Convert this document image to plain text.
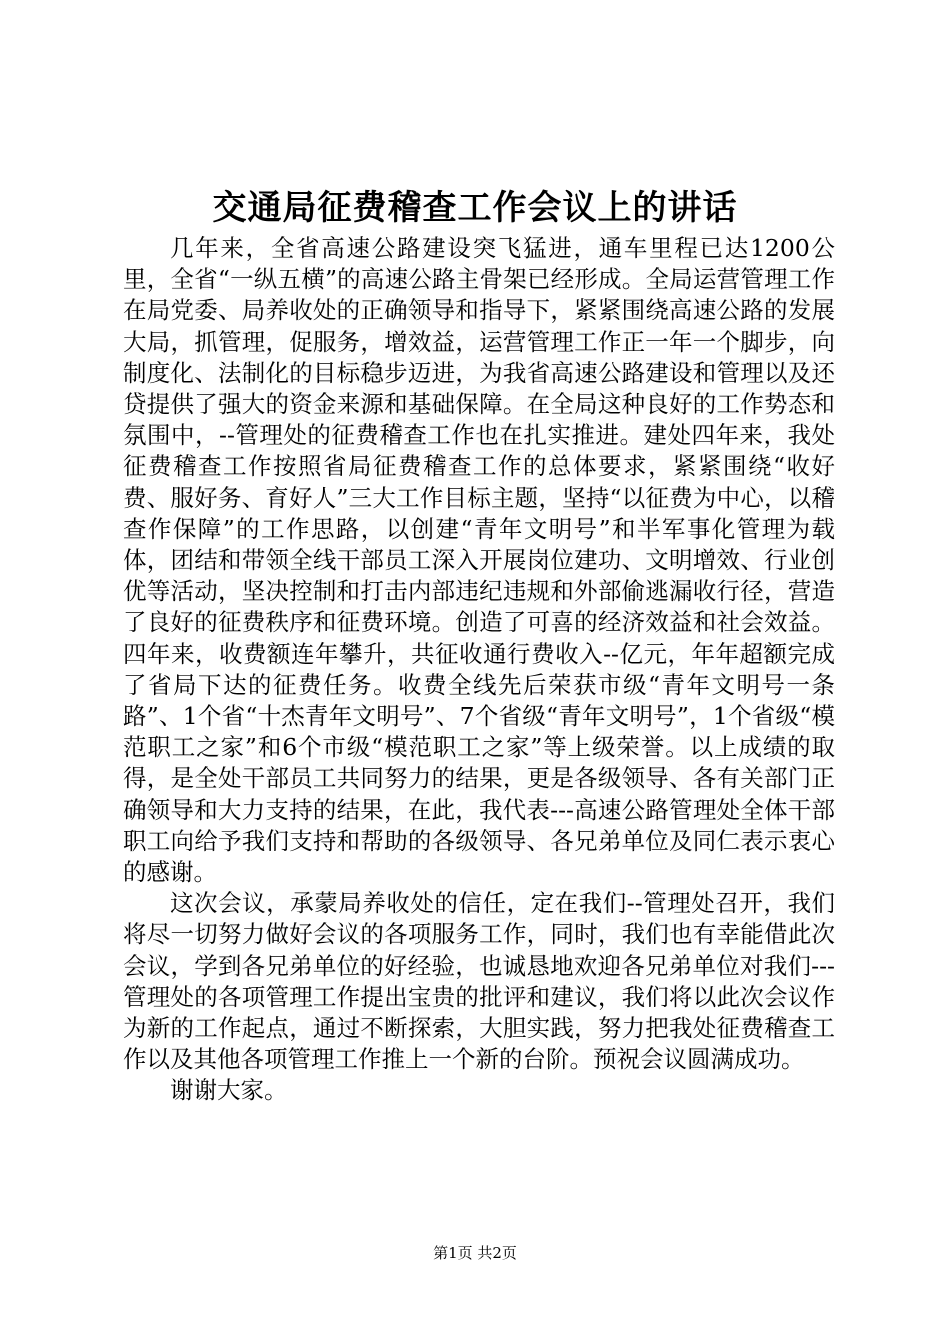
交通局征费稽查工作会议上的讲话

几年来，全省高速公路建设突飞猛进，通车里程已达1200公里，全省“一纵五横”的高速公路主骨架已经形成。全局运营管理工作在局党委、局养收处的正确领导和指导下，紧紧围绕高速公路的发展大局，抓管理，促服务，增效益，运营管理工作正一年一个脚步，向制度化、法制化的目标稳步迈进，为我省高速公路建设和管理以及还贷提供了强大的资金来源和基础保障。在全局这种良好的工作势态和氛围中，--管理处的征费稽查工作也在扎实推进。建处四年来，我处征费稽查工作按照省局征费稽查工作的总体要求，紧紧围绕“收好费、服好务、育好人”三大工作目标主题，坚持“以征费为中心，以稽查作保障”的工作思路，以创建“青年文明号”和半军事化管理为载体，团结和带领全线干部员工深入开展岗位建功、文明增效、行业创优等活动，坚决控制和打击内部违纪违规和外部偷逃漏收行径，营造了良好的征费秩序和征费环境。创造了可喜的经济效益和社会效益。四年来，收费额连年攀升，共征收通行费收入--亿元，年年超额完成了省局下达的征费任务。收费全线先后荣获市级“青年文明号一条路”、1个省“十杰青年文明号”、7个省级“青年文明号”，1个省级“模范职工之家”和6个市级“模范职工之家”等上级荣誉。以上成绩的取得，是全处干部员工共同努力的结果，更是各级领导、各有关部门正确领导和大力支持的结果，在此，我代表---高速公路管理处全体干部职工向给予我们支持和帮助的各级领导、各兄弟单位及同仁表示衷心的感谢。

这次会议，承蒙局养收处的信任，定在我们--管理处召开，我们将尽一切努力做好会议的各项服务工作，同时，我们也有幸能借此次会议，学到各兄弟单位的好经验，也诚恳地欢迎各兄弟单位对我们---管理处的各项管理工作提出宝贵的批评和建议，我们将以此次会议作为新的工作起点，通过不断探索，大胆实践，努力把我处征费稽查工作以及其他各项管理工作推上一个新的台阶。预祝会议圆满成功。

谢谢大家。

第1页 共2页
